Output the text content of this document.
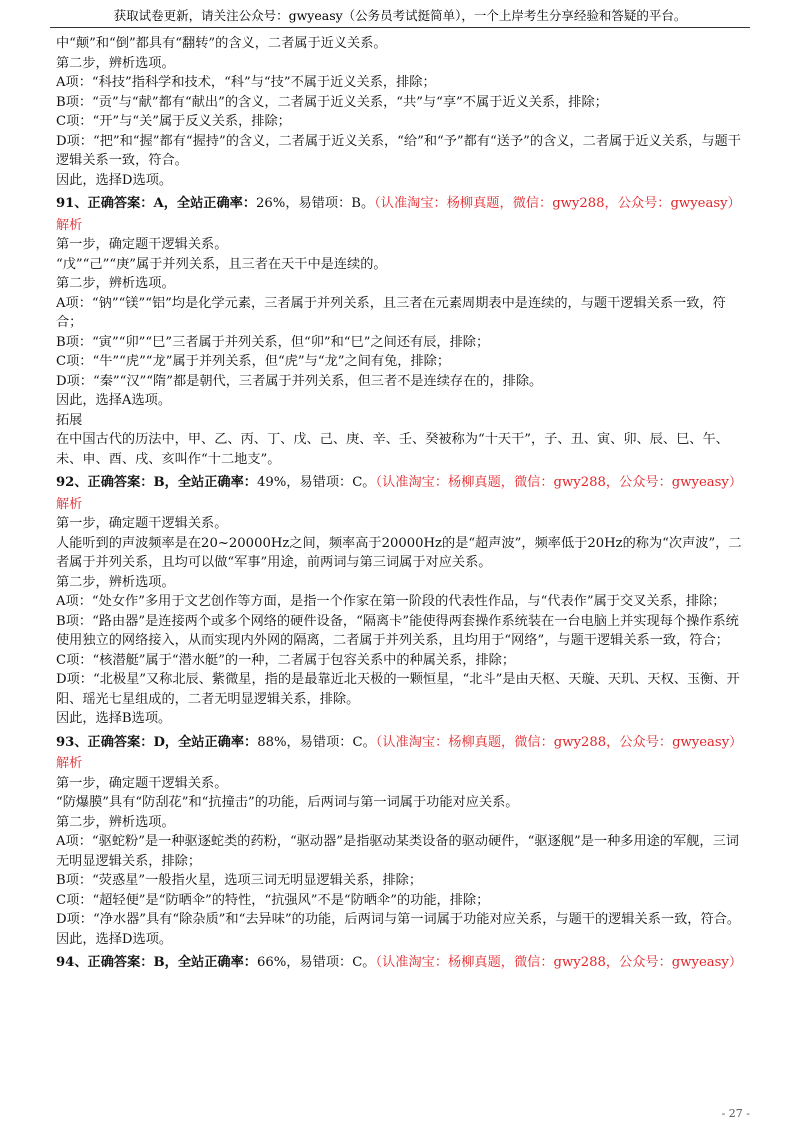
获取试卷更新，请关注公众号：gwyeasy（公务员考试挺简单），一个上岸考生分享经验和答疑的平台。

中“颠”和“倒”都具有“翻转”的含义，二者属于近义关系。

第二步，辨析选项。

A项：“科技”指科学和技术，“科”与“技”不属于近义关系，排除；

B项：“贡”与“献”都有“献出”的含义，二者属于近义关系，“共”与“享”不属于近义关系，排除；

C项：“开”与“关”属于反义关系，排除；

D项：“把”和“握”都有“握持”的含义，二者属于近义关系，“给”和“予”都有“送予”的含义，二者属于近义关系，与题干逻辑关系一致，符合。

因此，选择D选项。

91、正确答案：A，全站正确率：26%，易错项：B。（认准淘宝：杨柳真题，微信：gwy288，公众号：gwyeasy）

解析

第一步，确定题干逻辑关系。

“戊”“己”“庚”属于并列关系，且三者在天干中是连续的。

第二步，辨析选项。

A项：“钠”“镁”“铝”均是化学元素，三者属于并列关系，且三者在元素周期表中是连续的，与题干逻辑关系一致，符合；

B项：“寅”“卯”“巳”三者属于并列关系，但“卯”和“巳”之间还有辰，排除；

C项：“牛”“虎”“龙”属于并列关系，但“虎”与“龙”之间有兔，排除；

D项：“秦”“汉”“隋”都是朝代，三者属于并列关系，但三者不是连续存在的，排除。

因此，选择A选项。

拓展

在中国古代的历法中，甲、乙、丙、丁、戊、己、庚、辛、壬、癸被称为“十天干”，子、丑、寅、卯、辰、巳、午、未、申、酉、戌、亥叫作“十二地支”。

92、正确答案：B，全站正确率：49%，易错项：C。（认准淘宝：杨柳真题，微信：gwy288，公众号：gwyeasy）

解析

第一步，确定题干逻辑关系。

人能听到的声波频率是在20~20000Hz之间，频率高于20000Hz的是“超声波”，频率低于20Hz的称为“次声波”，二者属于并列关系，且均可以做“军事”用途，前两词与第三词属于对应关系。

第二步，辨析选项。

A项：“处女作”多用于文艺创作等方面，是指一个作家在第一阶段的代表性作品，与“代表作”属于交叉关系，排除；

B项：“路由器”是连接两个或多个网络的硬件设备，“隔离卡”能使得两套操作系统装在一台电脑上并实现每个操作系统使用独立的网络接入，从而实现内外网的隔离，二者属于并列关系，且均用于“网络”，与题干逻辑关系一致，符合；

C项：“核潜艇”属于“潜水艇”的一种，二者属于包容关系中的种属关系，排除；

D项：“北极星”又称北辰、紫微星，指的是最靠近北天极的一颗恒星，“北斗”是由天枢、天璇、天玑、天权、玉衡、开阳、瑶光七星组成的，二者无明显逻辑关系，排除。

因此，选择B选项。

93、正确答案：D，全站正确率：88%，易错项：C。（认准淘宝：杨柳真题，微信：gwy288，公众号：gwyeasy）

解析

第一步，确定题干逻辑关系。

“防爆膜”具有“防刮花”和“抗撞击”的功能，后两词与第一词属于功能对应关系。

第二步，辨析选项。

A项：“驱蛇粉”是一种驱逐蛇类的药粉，“驱动器”是指驱动某类设备的驱动硬件，“驱逐舰”是一种多用途的军舰，三词无明显逻辑关系，排除；

B项：“荧惑星”一般指火星，选项三词无明显逻辑关系，排除；

C项：“超轻便”是“防晒伞”的特性，“抗强风”不是“防晒伞”的功能，排除；

D项：“净水器”具有“除杂质”和“去异味”的功能，后两词与第一词属于功能对应关系，与题干的逻辑关系一致，符合。

因此，选择D选项。

94、正确答案：B，全站正确率：66%，易错项：C。（认准淘宝：杨柳真题，微信：gwy288，公众号：gwyeasy）

- 27 -
